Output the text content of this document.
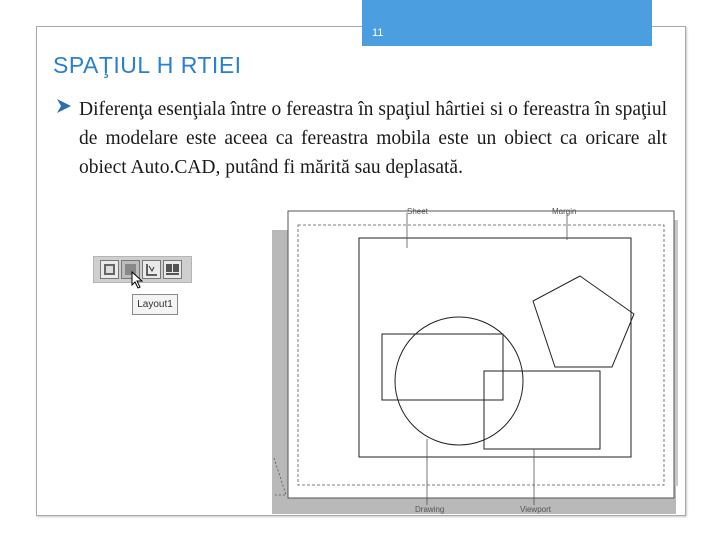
11
SPAŢIUL H RTIEI

Diferenţa esenţiala între o fereastra în spaţiul hârtiei si o fereastra în spaţiul de modelare este aceea ca fereastra mobila este un obiect ca oricare alt obiect Auto.CAD, putând fi mărită sau deplasată.

Layout1
Sheet	Margin
Drawing	Viewport
